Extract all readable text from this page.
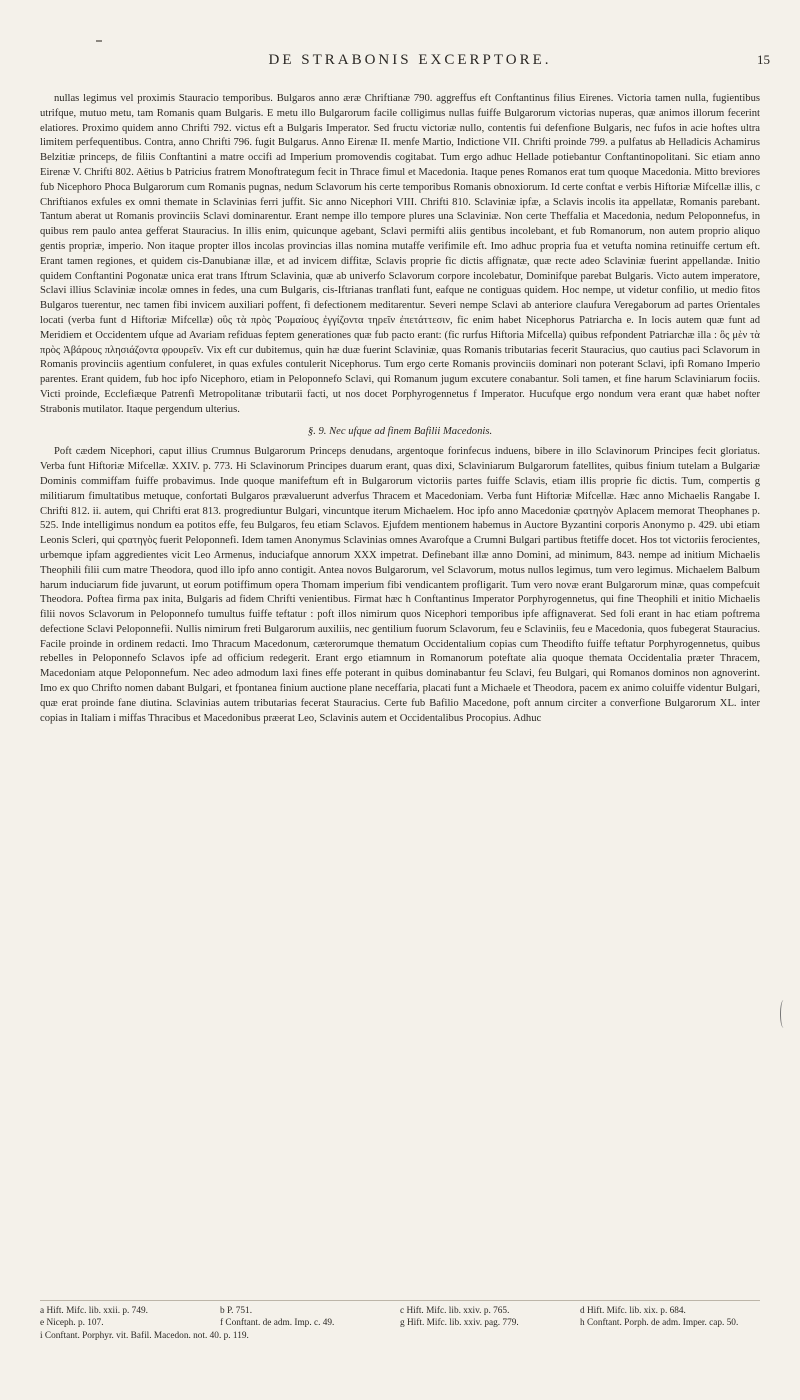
DE STRABONIS EXCERPTORE.	15

nullas legimus vel proximis Stauracio temporibus. Bulgaros anno æræ Chriftianæ 790. aggreffus eft Conftantinus filius Eirenes. Victoria tamen nulla, fugientibus utrifque, mutuo metu, tam Romanis quam Bulgaris. E metu illo Bulgarorum facile colligimus nullas fuiffe Bulgarorum victorias nuperas, quæ animos illorum fecerint elatiores. Proximo quidem anno Chrifti 792. victus eft a Bulgaris Imperator. Sed fructu victoriæ nullo, contentis fui defenfione Bulgaris, nec fufos in acie hoftes ultra limitem perfequentibus. Contra, anno Chrifti 796. fugit Bulgarus. Anno Eirenæ II. menfe Martio, Indictione VII. Chrifti proinde 799. a pulfatus ab Helladicis Achamirus Belzitiæ princeps, de filiis Conftantini a matre occifi ad Imperium promovendis cogitabat. Tum ergo adhuc Hellade potiebantur Conftantinopolitani. Sic etiam anno Eirenæ V. Chrifti 802. Aëtius b Patricius fratrem Monoftrategum fecit in Thrace fimul et Macedonia. Itaque penes Romanos erat tum quoque Macedonia. Mitto breviores fub Nicephoro Phoca Bulgarorum cum Romanis pugnas, nedum Sclavorum his certe temporibus Romanis obnoxiorum. Id certe conftat e verbis Hiftoriæ Mifcellæ illis, c Chriftianos exfules ex omni themate in Sclavinias ferri juffit. Sic anno Nicephori VIII. Chrifti 810. Sclaviniæ ipfæ, a Sclavis incolis ita appellatæ, Romanis parebant. Tantum aberat ut Romanis provinciis Sclavi dominarentur. Erant nempe illo tempore plures una Sclaviniæ. Non certe Theffalia et Macedonia, nedum Peloponnefus, in quibus rem paulo antea gefferat Stauracius. In illis enim, quicunque agebant, Sclavi permifti aliis gentibus incolebant, et fub Romanorum, non autem proprio aliquo gentis propriæ, imperio. Non itaque propter illos incolas provincias illas nomina mutaffe verifimile eft. Imo adhuc propria fua et vetufta nomina retinuiffe certum eft. Erant tamen regiones, et quidem cis-Danubianæ illæ, et ad invicem diffitæ, Sclavis proprie fic dictis affignatæ, quæ recte adeo Sclaviniæ fuerint appellandæ. Initio quidem Conftantini Pogonatæ unica erat trans Iftrum Sclavinia, quæ ab univerfo Sclavorum corpore incolebatur, Dominifque parebat Bulgaris. Victo autem imperatore, Sclavi illius Sclaviniæ incolæ omnes in fedes, una cum Bulgaris, cis-Iftrianas tranflati funt, eafque ne contiguas quidem. Hoc nempe, ut videtur confilio, ut medio fitos Bulgaros tuerentur, nec tamen fibi invicem auxiliari poffent, fi defectionem meditarentur. Severi nempe Sclavi ab anteriore claufura Veregaborum ad partes Orientales locati (verba funt d Hiftoriæ Mifcellæ) οὓς τὰ πρὸς Ῥωμαίους ἐγγίζοντα τηρεῖν ἐπετάττεσιν, fic enim habet Nicephorus Patriarcha e. In locis autem quæ funt ad Meridiem et Occidentem ufque ad Avariam refiduas feptem generationes quæ fub pacto erant: (fic rurfus Hiftoria Mifcella) quibus refpondent Patriarchæ illa : ὃς μὲν τὰ πρὸς Ἀβάρους πλησιάζοντα φρουρεῖν. Vix eft cur dubitemus, quin hæ duæ fuerint Sclaviniæ, quas Romanis tributarias fecerit Stauracius, quo cautius paci Sclavorum in Romanis provinciis agentium confuleret, in quas exfules contulerit Nicephorus. Tum ergo certe Romanis provinciis dominari non poterant Sclavi, ipfi Romano Imperio parentes. Erant quidem, fub hoc ipfo Nicephoro, etiam in Peloponnefo Sclavi, qui Romanum jugum excutere conabantur. Soli tamen, et fine harum Sclaviniarum fociis. Victi proinde, Ecclefiæque Patrenfi Metropolitanæ tributarii facti, ut nos docet Porphyrogennetus f Imperator. Hucufque ergo nondum vera erant quæ habet nofter Strabonis mutilator. Itaque pergendum ulterius.

§. 9. Nec ufque ad finem Bafilii Macedonis.

Poft cædem Nicephori, caput illius Crumnus Bulgarorum Princeps denudans, argentoque forinfecus induens, bibere in illo Sclavinorum Principes fecit gloriatus. Verba funt Hiftoriæ Mifcellæ. XXIV. p. 773. Hi Sclavinorum Principes duarum erant, quas dixi, Sclaviniarum Bulgarorum fatellites, quibus finium tutelam a Bulgariæ Dominis commiffam fuiffe probavimus. Inde quoque manifeftum eft in Bulgarorum victoriis partes fuiffe Sclavis, etiam illis proprie fic dictis. Tum, compertis g militiarum fimultatibus metuque, confortati Bulgaros prævaluerunt adverfus Thracem et Macedoniam. Verba funt Hiftoriæ Mifcellæ. Hæc anno Michaelis Rangabe I. Chrifti 812. ii. autem, qui Chrifti erat 813. progrediuntur Bulgari, vincuntque iterum Michaelem. Hoc ipfo anno Macedoniæ ςρατηγὸν Aplacem memorat Theophanes p. 525. Inde intelligimus nondum ea potitos effe, feu Bulgaros, feu etiam Sclavos. Ejufdem mentionem habemus in Auctore Byzantini corporis Anonymo p. 429. ubi etiam Leonis Scleri, qui ςρατηγὸς fuerit Peloponnefi. Idem tamen Anonymus Sclavinias omnes Avarofque a Crumni Bulgari partibus ftetiffe docet. Hos tot victoriis ferocientes, urbemque ipfam aggredientes vicit Leo Armenus, induciafque annorum XXX impetrat. Definebant illæ anno Domini, ad minimum, 843. nempe ad initium Michaelis Theophili filii cum matre Theodora, quod illo ipfo anno contigit. Antea novos Bulgarorum, vel Sclavorum, motus nullos legimus, tum vero legimus. Michaelem Balbum harum induciarum fide juvarunt, ut eorum potiffimum opera Thomam imperium fibi vendicantem profligarit. Tum vero novæ erant Bulgarorum minæ, quas compefcuit Theodora. Poftea firma pax inita, Bulgaris ad fidem Chrifti venientibus. Firmat hæc h Conftantinus Imperator Porphyrogennetus, qui fine Theophili et initio Michaelis filii novos Sclavorum in Peloponnefo tumultus fuiffe teftatur : poft illos nimirum quos Nicephori temporibus ipfe affignaverat. Sed foli erant in hac etiam poftrema defectione Sclavi Peloponnefii. Nullis nimirum freti Bulgarorum auxiliis, nec gentilium fuorum Sclavorum, feu e Sclaviniis, feu e Macedonia, quos fubegerat Stauracius. Facile proinde in ordinem redacti. Imo Thracum Macedonum, cæterorumque thematum Occidentalium copias cum Theodifto fuiffe teftatur Porphyrogennetus, quibus rebelles in Peloponnefo Sclavos ipfe ad officium redegerit. Erant ergo etiamnum in Romanorum poteftate alia quoque themata Occidentalia præter Thracem, Macedoniam atque Peloponnefum. Nec adeo admodum laxi fines effe poterant in quibus dominabantur feu Sclavi, feu Bulgari, qui Romanos dominos non agnoverint. Imo ex quo Chrifto nomen dabant Bulgari, et fpontanea finium auctione plane neceffaria, placati funt a Michaele et Theodora, pacem ex animo coluiffe videntur Bulgari, quæ erat proinde fane diutina. Sclavinias autem tributarias fecerat Stauracius. Certe fub Bafilio Macedone, poft annum circiter a converfione Bulgarorum XL. inter copias in Italiam i miffas Thracibus et Macedonibus præerat Leo, Sclavinis autem et Occidentalibus Procopius. Adhuc

a Hift. Mifc. lib. xxii. p. 749.	b P. 751.	c Hift. Mifc. lib. xxiv. p. 765.	d Hift. Mifc. lib. xix. p. 684.
e Niceph. p. 107.	f Conftant. de adm. Imp. c. 49.	g Hift. Mifc. lib. xxiv. pag. 779.	h Conftant. Porph. de adm. Imper. cap. 50.
i Conftant. Porphyr. vit. Bafil. Macedon. not. 40. p. 119.
